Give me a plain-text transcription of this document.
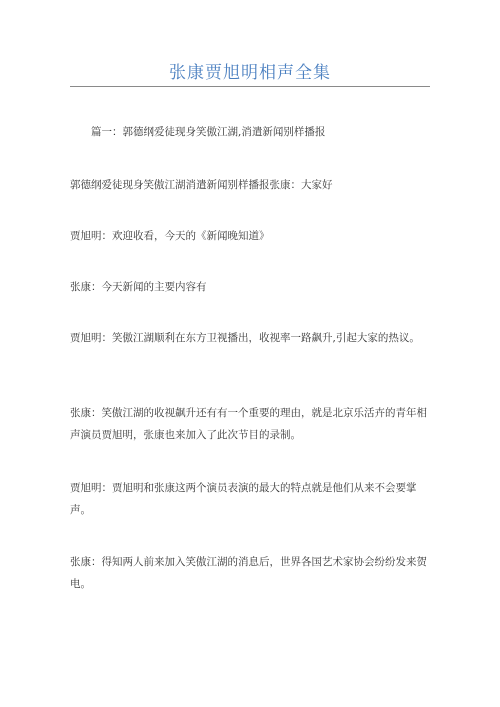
张康贾旭明相声全集

篇一：郭德纲爱徒现身笑傲江湖,消遣新闻别样播报

郭德纲爱徒现身笑傲江湖消遣新闻别样播报张康：大家好

贾旭明：欢迎收看，今天的《新闻晚知道》

张康：今天新闻的主要内容有

贾旭明：笑傲江湖顺利在东方卫视播出，收视率一路飙升,引起大家的热议。

张康：笑傲江湖的收视飙升还有有一个重要的理由，就是北京乐活卉的青年相声演员贾旭明，张康也来加入了此次节目的录制。

贾旭明：贾旭明和张康这两个演员表演的最大的特点就是他们从来不会要掌声。

张康：得知两人前来加入笑傲江湖的消息后，世界各国艺术家协会纷纷发来贺电。
